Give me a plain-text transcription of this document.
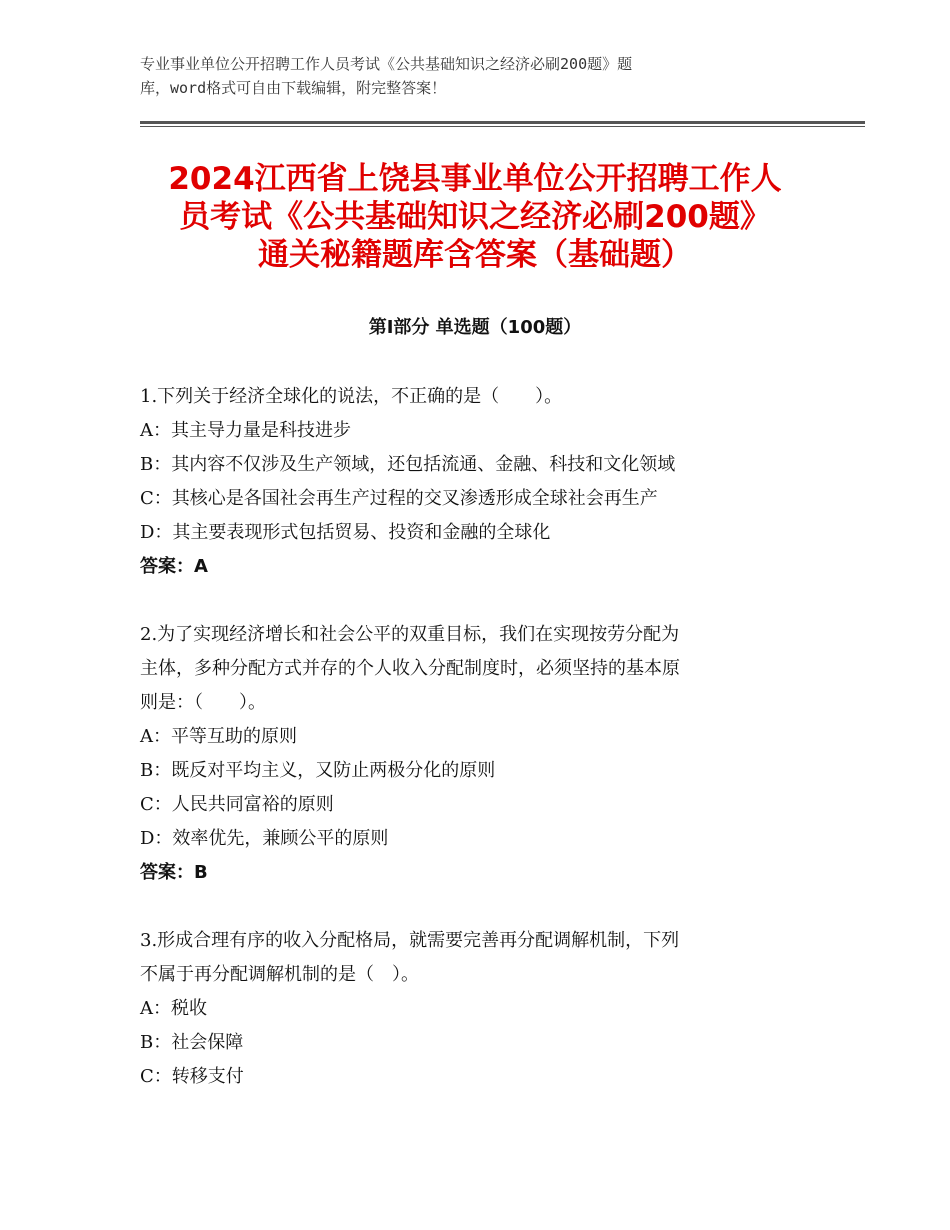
专业事业单位公开招聘工作人员考试《公共基础知识之经济必刷200题》题
库，word格式可自由下载编辑，附完整答案！
2024江西省上饶县事业单位公开招聘工作人
员考试《公共基础知识之经济必刷200题》
通关秘籍题库含答案（基础题）
第Ⅰ部分 单选题（100题）

1.下列关于经济全球化的说法，不正确的是（　　）。

A：其主导力量是科技进步

B：其内容不仅涉及生产领域，还包括流通、金融、科技和文化领域

C：其核心是各国社会再生产过程的交叉渗透形成全球社会再生产

D：其主要表现形式包括贸易、投资和金融的全球化

答案：A

2.为了实现经济增长和社会公平的双重目标，我们在实现按劳分配为

主体，多种分配方式并存的个人收入分配制度时，必须坚持的基本原

则是：（　　）。

A：平等互助的原则

B：既反对平均主义，又防止两极分化的原则

C：人民共同富裕的原则

D：效率优先，兼顾公平的原则

答案：B

3.形成合理有序的收入分配格局，就需要完善再分配调解机制，下列

不属于再分配调解机制的是（　）。

A：税收

B：社会保障

C：转移支付
